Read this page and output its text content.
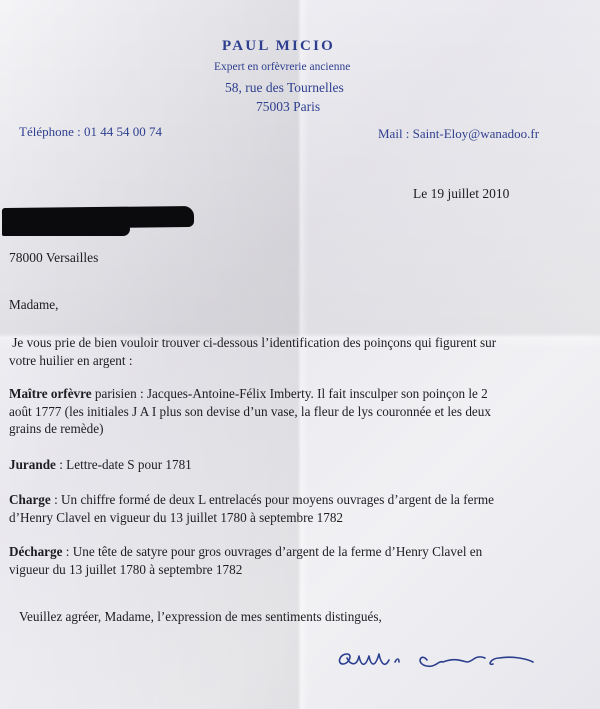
PAUL MICIO
Expert en orfèvrerie ancienne
58, rue des Tournelles
75003 Paris
Téléphone : 01 44 54 00 74	Mail : Saint-Eloy@wanadoo.fr
Le 19 juillet 2010
78000 Versailles
Madame,
Je vous prie de bien vouloir trouver ci-dessous l’identification des poinçons qui figurent sur
votre huilier en argent :
Maître orfèvre parisien : Jacques-Antoine-Félix Imberty. Il fait insculper son poinçon le 2
août 1777 (les initiales J A I plus son devise d’un vase, la fleur de lys couronnée et les deux
grains de remède)
Jurande : Lettre-date S pour 1781
Charge : Un chiffre formé de deux L entrelacés pour moyens ouvrages d’argent de la ferme
d’Henry Clavel en vigueur du 13 juillet 1780 à septembre 1782
Décharge : Une tête de satyre pour gros ouvrages d’argent de la ferme d’Henry Clavel en
vigueur du 13 juillet 1780 à septembre 1782
Veuillez agréer, Madame, l’expression de mes sentiments distingués,
